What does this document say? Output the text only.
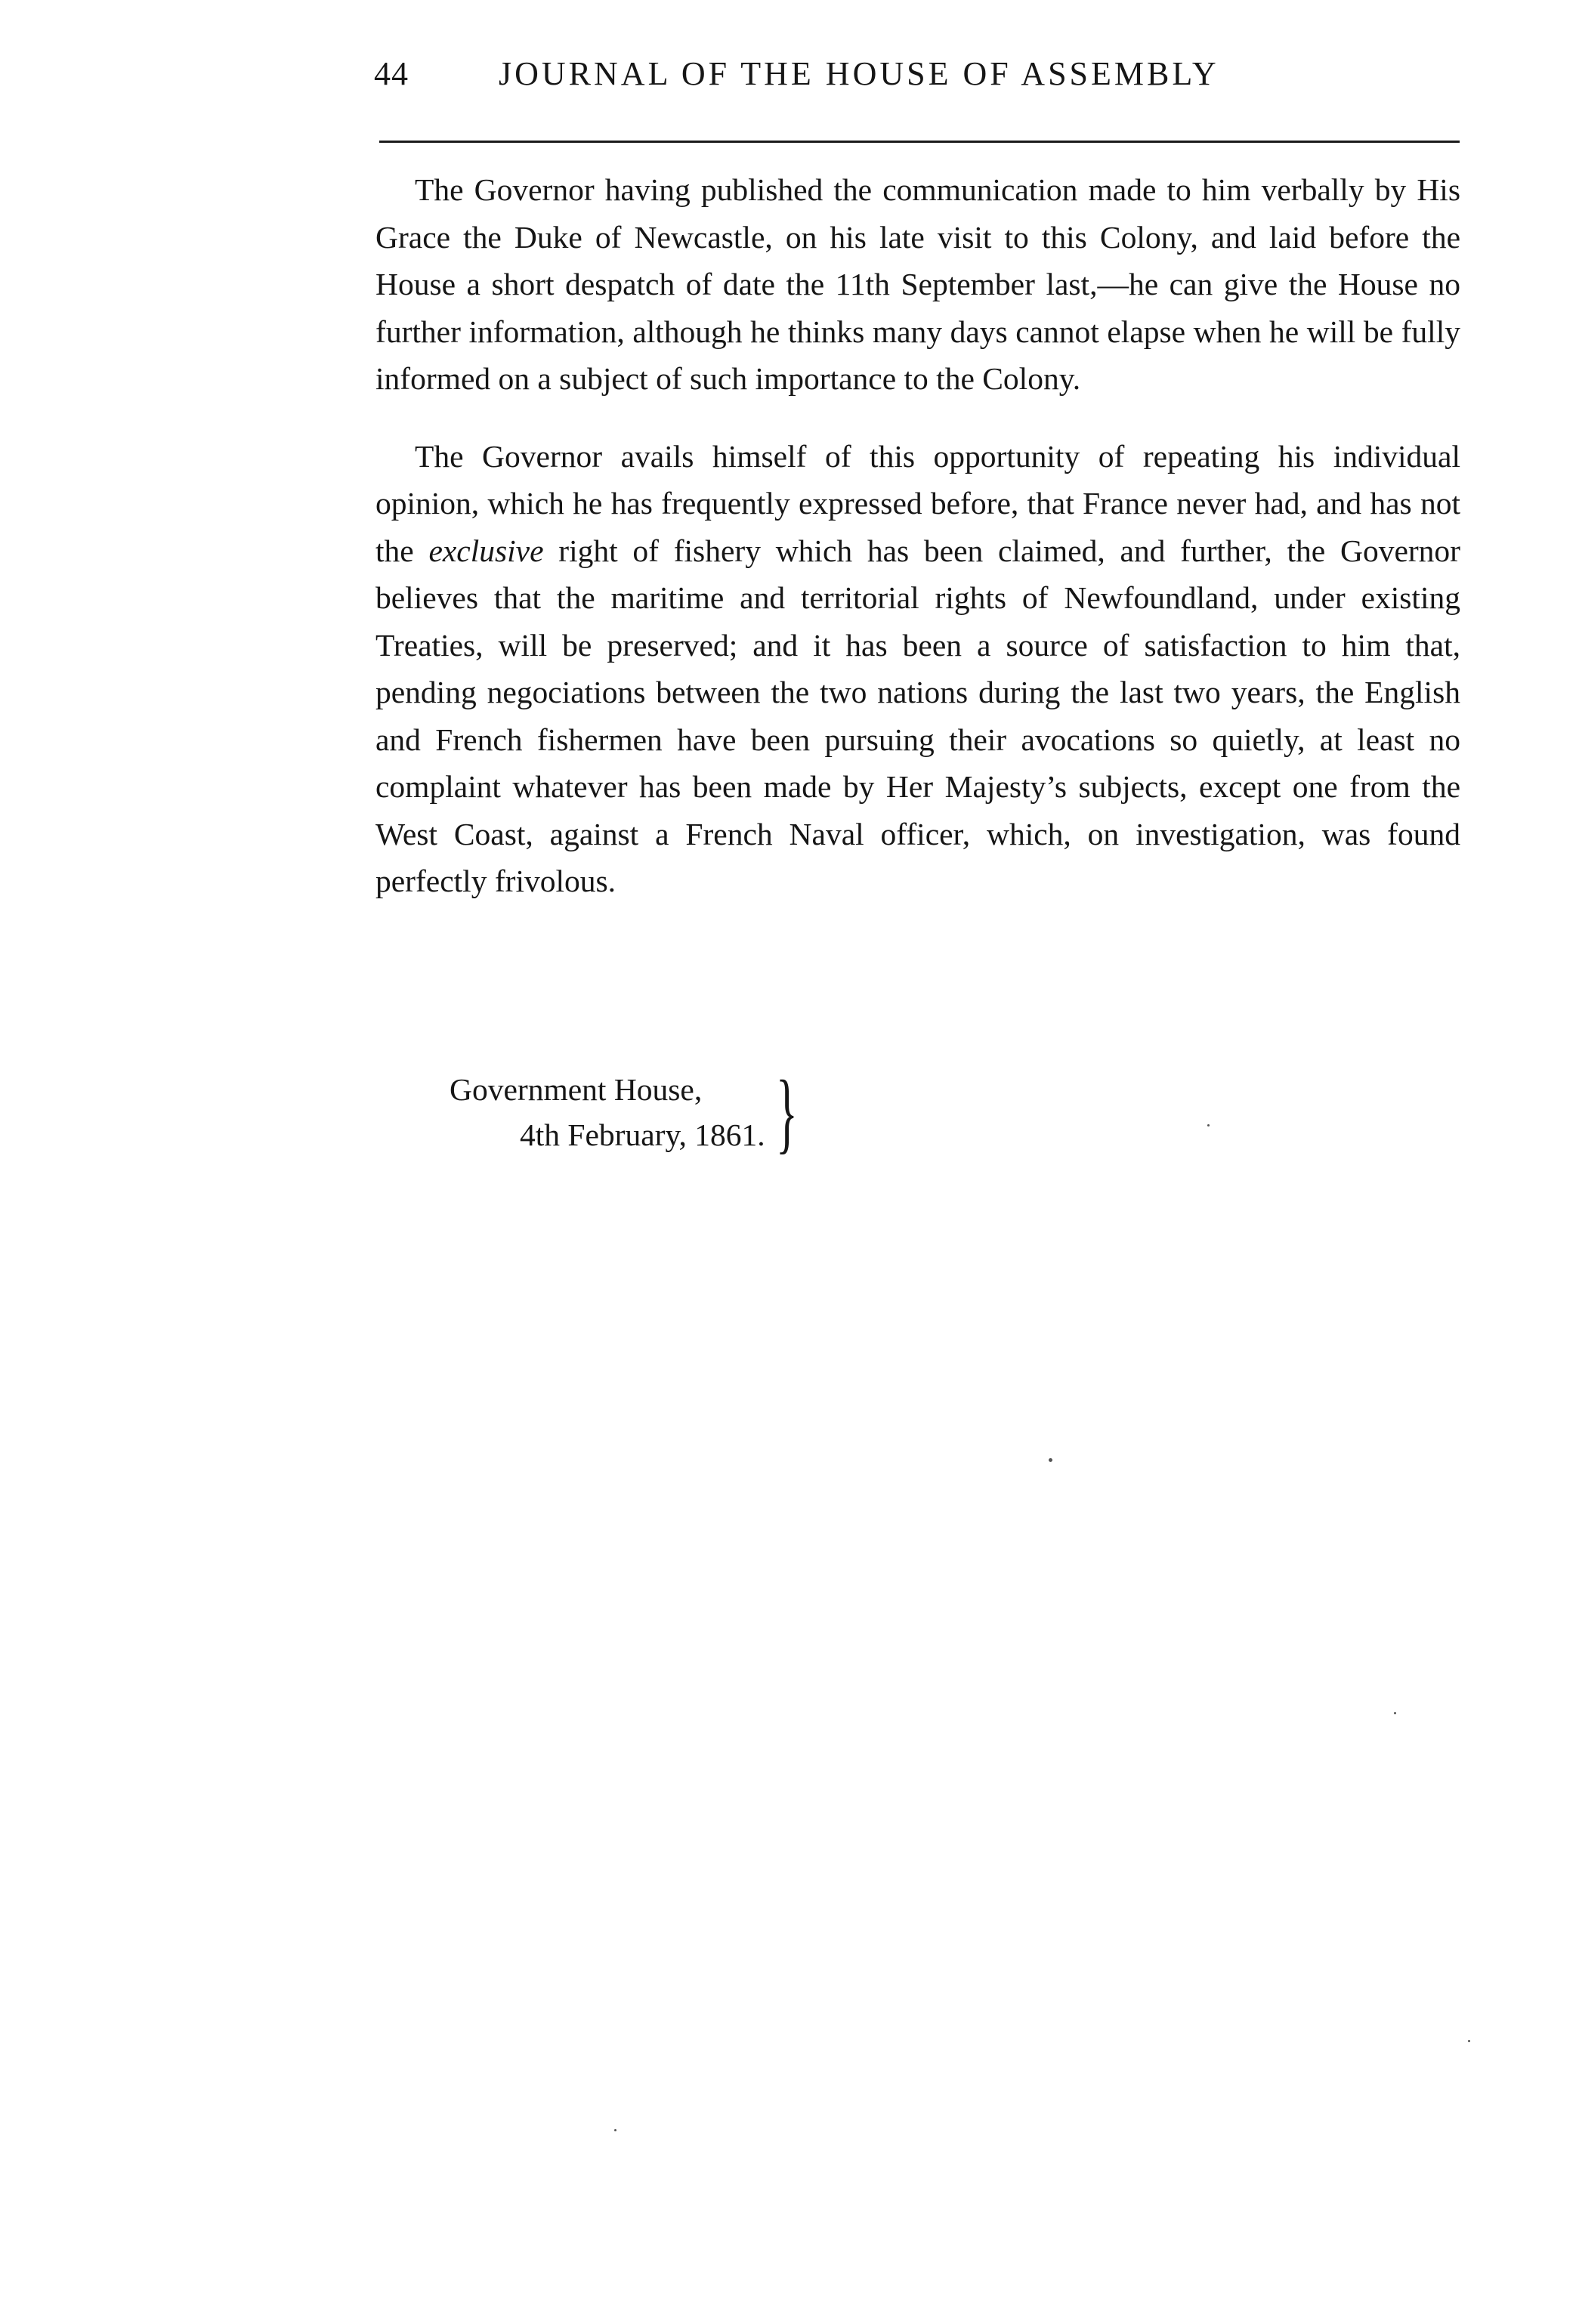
44	JOURNAL OF THE HOUSE OF ASSEMBLY

The Governor having published the communication made to him verbally by His Grace the Duke of Newcastle, on his late visit to this Colony, and laid before the House a short despatch of date the 11th September last,—he can give the House no further information, although he thinks many days cannot elapse when he will be fully informed on a subject of such importance to the Colony.

The Governor avails himself of this opportunity of repeating his individual opinion, which he has frequently expressed before, that France never had, and has not the exclusive right of fishery which has been claimed, and further, the Governor believes that the maritime and territorial rights of Newfoundland, under existing Treaties, will be preserved; and it has been a source of satisfaction to him that, pending negociations between the two nations during the last two years, the English and French fishermen have been pursuing their avocations so quietly, at least no complaint whatever has been made by Her Majesty’s subjects, except one from the West Coast, against a French Naval officer, which, on investigation, was found perfectly frivolous.

Government House,
4th February, 1861. }
